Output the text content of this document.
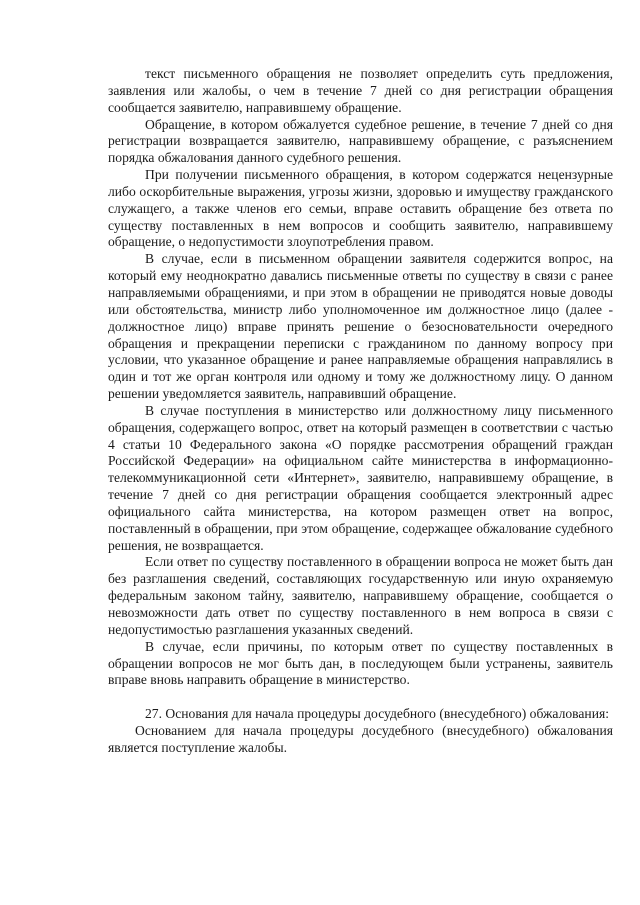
текст письменного обращения не позволяет определить суть предложения, заявления или жалобы, о чем в течение 7 дней со дня регистрации обращения сообщается заявителю, направившему обращение.

Обращение, в котором обжалуется судебное решение, в течение 7 дней со дня регистрации возвращается заявителю, направившему обращение, с разъяснением порядка обжалования данного судебного решения.

При получении письменного обращения, в котором содержатся нецензурные либо оскорбительные выражения, угрозы жизни, здоровью и имуществу гражданского служащего, а также членов его семьи, вправе оставить обращение без ответа по существу поставленных в нем вопросов и сообщить заявителю, направившему обращение, о недопустимости злоупотребления правом.

В случае, если в письменном обращении заявителя содержится вопрос, на который ему неоднократно давались письменные ответы по существу в связи с ранее направляемыми обращениями, и при этом в обращении не приводятся новые доводы или обстоятельства, министр либо уполномоченное им должностное лицо (далее - должностное лицо) вправе принять решение о безосновательности очередного обращения и прекращении переписки с гражданином по данному вопросу при условии, что указанное обращение и ранее направляемые обращения направлялись в один и тот же орган контроля или одному и тому же должностному лицу. О данном решении уведомляется заявитель, направивший обращение.

В случае поступления в министерство или должностному лицу письменного обращения, содержащего вопрос, ответ на который размещен в соответствии с частью 4 статьи 10 Федерального закона «О порядке рассмотрения обращений граждан Российской Федерации» на официальном сайте министерства в информационно-телекоммуникационной сети «Интернет», заявителю, направившему обращение, в течение 7 дней со дня регистрации обращения сообщается электронный адрес официального сайта министерства, на котором размещен ответ на вопрос, поставленный в обращении, при этом обращение, содержащее обжалование судебного решения, не возвращается.

Если ответ по существу поставленного в обращении вопроса не может быть дан без разглашения сведений, составляющих государственную или иную охраняемую федеральным законом тайну, заявителю, направившему обращение, сообщается о невозможности дать ответ по существу поставленного в нем вопроса в связи с недопустимостью разглашения указанных сведений.

В случае, если причины, по которым ответ по существу поставленных в обращении вопросов не мог быть дан, в последующем были устранены, заявитель вправе вновь направить обращение в министерство.

27. Основания для начала процедуры досудебного (внесудебного) обжалования:

Основанием для начала процедуры досудебного (внесудебного) обжалования является поступление жалобы.
